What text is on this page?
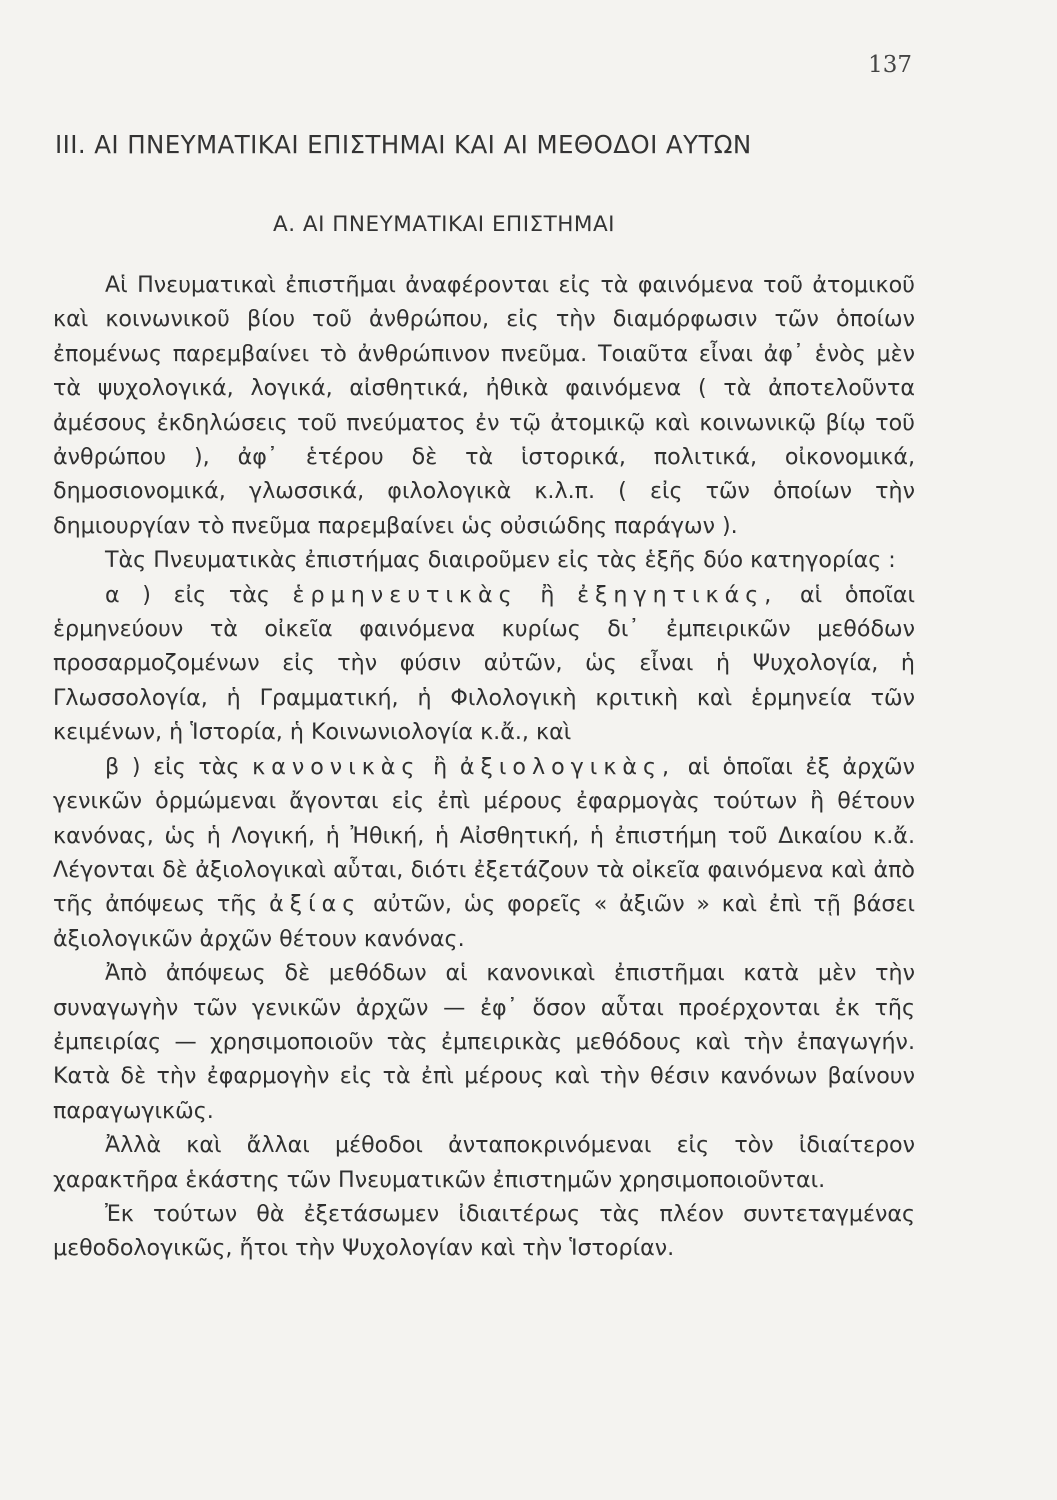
137
III. ΑΙ ΠΝΕΥΜΑΤΙΚΑΙ ΕΠΙΣΤΗΜΑΙ ΚΑΙ ΑΙ ΜΕΘΟΔΟΙ ΑΥΤΩΝ
Α. ΑΙ ΠΝΕΥΜΑΤΙΚΑΙ ΕΠΙΣΤΗΜΑΙ

Αἱ Πνευματικαὶ ἐπιστῆμαι ἀναφέρονται εἰς τὰ φαινόμενα τοῦ ἀτομικοῦ καὶ κοινωνικοῦ βίου τοῦ ἀνθρώπου, εἰς τὴν διαμόρφωσιν τῶν ὁποίων ἐπομένως παρεμβαίνει τὸ ἀνθρώπινον πνεῦμα. Τοιαῦτα εἶναι ἀφ᾽ ἑνὸς μὲν τὰ ψυχολογικά, λογικά, αἰσθητικά, ἠθικὰ φαινόμενα ( τὰ ἀποτελοῦντα ἀμέσους ἐκδηλώσεις τοῦ πνεύματος ἐν τῷ ἀτομικῷ καὶ κοινωνικῷ βίῳ τοῦ ἀνθρώπου ), ἀφ᾽ ἑτέρου δὲ τὰ ἱστορικά, πολιτικά, οἰκονομικά, δημοσιονομικά, γλωσσικά, φιλολογικὰ κ.λ.π. ( εἰς τῶν ὁποίων τὴν δημιουργίαν τὸ πνεῦμα παρεμβαίνει ὡς οὐσιώδης παράγων ).

Τὰς Πνευματικὰς ἐπιστήμας διαιροῦμεν εἰς τὰς ἑξῆς δύο κατηγορίας :

α ) εἰς τὰς ἑρμηνευτικὰς ἢ ἐξηγητικάς, αἱ ὁποῖαι ἑρμηνεύουν τὰ οἰκεῖα φαινόμενα κυρίως δι᾽ ἐμπειρικῶν μεθόδων προσαρμοζομένων εἰς τὴν φύσιν αὐτῶν, ὡς εἶναι ἡ Ψυχολογία, ἡ Γλωσσολογία, ἡ Γραμματική, ἡ Φιλολογικὴ κριτικὴ καὶ ἑρμηνεία τῶν κειμένων, ἡ Ἱστορία, ἡ Κοινωνιολογία κ.ἄ., καὶ

β ) εἰς τὰς κανονικὰς ἢ ἀξιολογικὰς, αἱ ὁποῖαι ἐξ ἀρχῶν γενικῶν ὁρμώμεναι ἄγονται εἰς ἐπὶ μέρους ἐφαρμογὰς τούτων ἢ θέτουν κανόνας, ὡς ἡ Λογική, ἡ Ἠθική, ἡ Αἰσθητική, ἡ ἐπιστήμη τοῦ Δικαίου κ.ἄ. Λέγονται δὲ ἀξιολογικαὶ αὗται, διότι ἐξετάζουν τὰ οἰκεῖα φαινόμενα καὶ ἀπὸ τῆς ἀπόψεως τῆς ἀξίας αὐτῶν, ὡς φορεῖς « ἀξιῶν » καὶ ἐπὶ τῇ βάσει ἀξιολογικῶν ἀρχῶν θέτουν κανόνας.

Ἀπὸ ἀπόψεως δὲ μεθόδων αἱ κανονικαὶ ἐπιστῆμαι κατὰ μὲν τὴν συναγωγὴν τῶν γενικῶν ἀρχῶν — ἐφ᾽ ὅσον αὗται προέρχονται ἐκ τῆς ἐμπειρίας — χρησιμοποιοῦν τὰς ἐμπειρικὰς μεθόδους καὶ τὴν ἐπαγωγήν. Κατὰ δὲ τὴν ἐφαρμογὴν εἰς τὰ ἐπὶ μέρους καὶ τὴν θέσιν κανόνων βαίνουν παραγωγικῶς.

Ἀλλὰ καὶ ἄλλαι μέθοδοι ἀνταποκρινόμεναι εἰς τὸν ἰδιαίτερον χαρακτῆρα ἑκάστης τῶν Πνευματικῶν ἐπιστημῶν χρησιμοποιοῦνται.

Ἐκ τούτων θὰ ἐξετάσωμεν ἰδιαιτέρως τὰς πλέον συντεταγμένας μεθοδολογικῶς, ἤτοι τὴν Ψυχολογίαν καὶ τὴν Ἱστορίαν.
